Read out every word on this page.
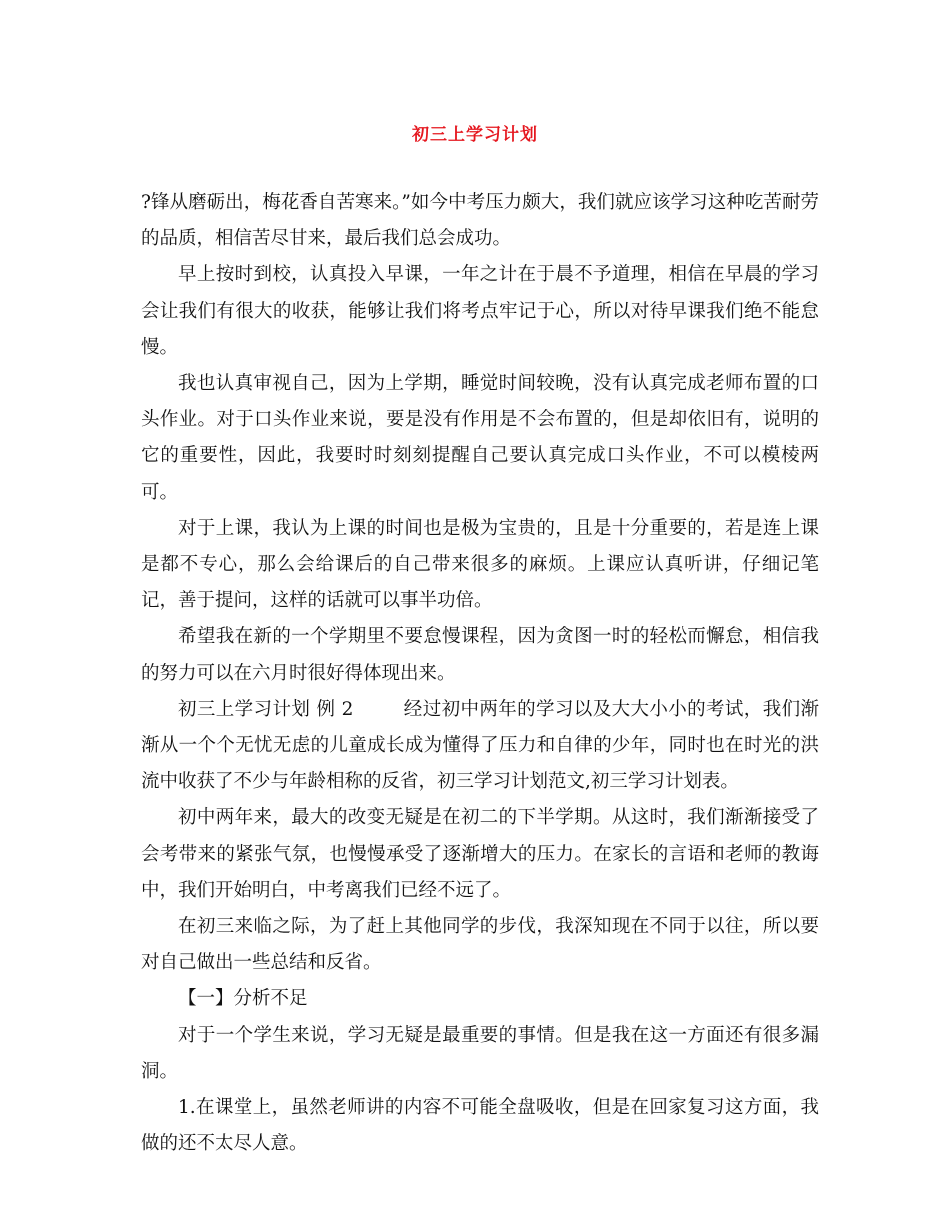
初三上学习计划

?锋从磨砺出，梅花香自苦寒来。”如今中考压力颇大，我们就应该学习这种吃苦耐劳的品质，相信苦尽甘来，最后我们总会成功。

早上按时到校，认真投入早课，一年之计在于晨不予道理，相信在早晨的学习会让我们有很大的收获，能够让我们将考点牢记于心，所以对待早课我们绝不能怠慢。

我也认真审视自己，因为上学期，睡觉时间较晚，没有认真完成老师布置的口头作业。对于口头作业来说，要是没有作用是不会布置的，但是却依旧有，说明的它的重要性，因此，我要时时刻刻提醒自己要认真完成口头作业，不可以模棱两可。

对于上课，我认为上课的时间也是极为宝贵的，且是十分重要的，若是连上课是都不专心，那么会给课后的自己带来很多的麻烦。上课应认真听讲，仔细记笔记，善于提问，这样的话就可以事半功倍。

希望我在新的一个学期里不要怠慢课程，因为贪图一时的轻松而懈怠，相信我的努力可以在六月时很好得体现出来。

初三上学习计划 例 2	经过初中两年的学习以及大大小小的考试，我们渐渐从一个个无忧无虑的儿童成长成为懂得了压力和自律的少年，同时也在时光的洪流中收获了不少与年龄相称的反省，初三学习计划范文,初三学习计划表。

初中两年来，最大的改变无疑是在初二的下半学期。从这时，我们渐渐接受了会考带来的紧张气氛，也慢慢承受了逐渐增大的压力。在家长的言语和老师的教诲中，我们开始明白，中考离我们已经不远了。

在初三来临之际，为了赶上其他同学的步伐，我深知现在不同于以往，所以要对自己做出一些总结和反省。

【一】分析不足

对于一个学生来说，学习无疑是最重要的事情。但是我在这一方面还有很多漏洞。

1.在课堂上，虽然老师讲的内容不可能全盘吸收，但是在回家复习这方面，我做的还不太尽人意。
